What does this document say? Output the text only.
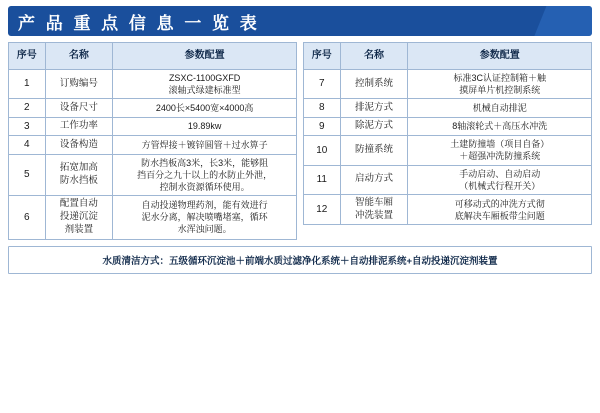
产 品 重 点 信 息 一 览 表
序号	名称	参数配置
1	订购编号	ZSXC-1100GXFD
滚轴式绿建标准型

2	设备尺寸	2400长×5400宽×4000高

3	工作功率	19.89kw

4	设备构造	方管焊接＋镀锌圆管＋过水箅子

5	拓宽加高
防水挡板	防水挡板高3米，长3米，能够阻
挡百分之九十以上的水防止外泄，
控制水资源循环使用。

6	配置自动
投递沉淀
剂装置	自动投递物理药剂，能有效进行
泥水分离，解决喷嘴堵塞，循环
水浑浊问题。
序号	名称	参数配置
7	控制系统	标准3C认证控制箱＋触
摸屏单片机控制系统

8	排泥方式	机械自动排泥

9	除泥方式	8轴滚轮式＋高压水冲洗

10	防撞系统	土建防撞墙（项目自备）
＋超强冲洗防撞系统

11	启动方式	手动启动、自动启动
（机械式行程开关）

12	智能车厢
冲洗装置	可移动式的冲洗方式彻
底解决车厢板带尘问题
水质清洁方式：五级循环沉淀池＋前端水质过滤净化系统＋自动排泥系统+自动投递沉淀剂装置
